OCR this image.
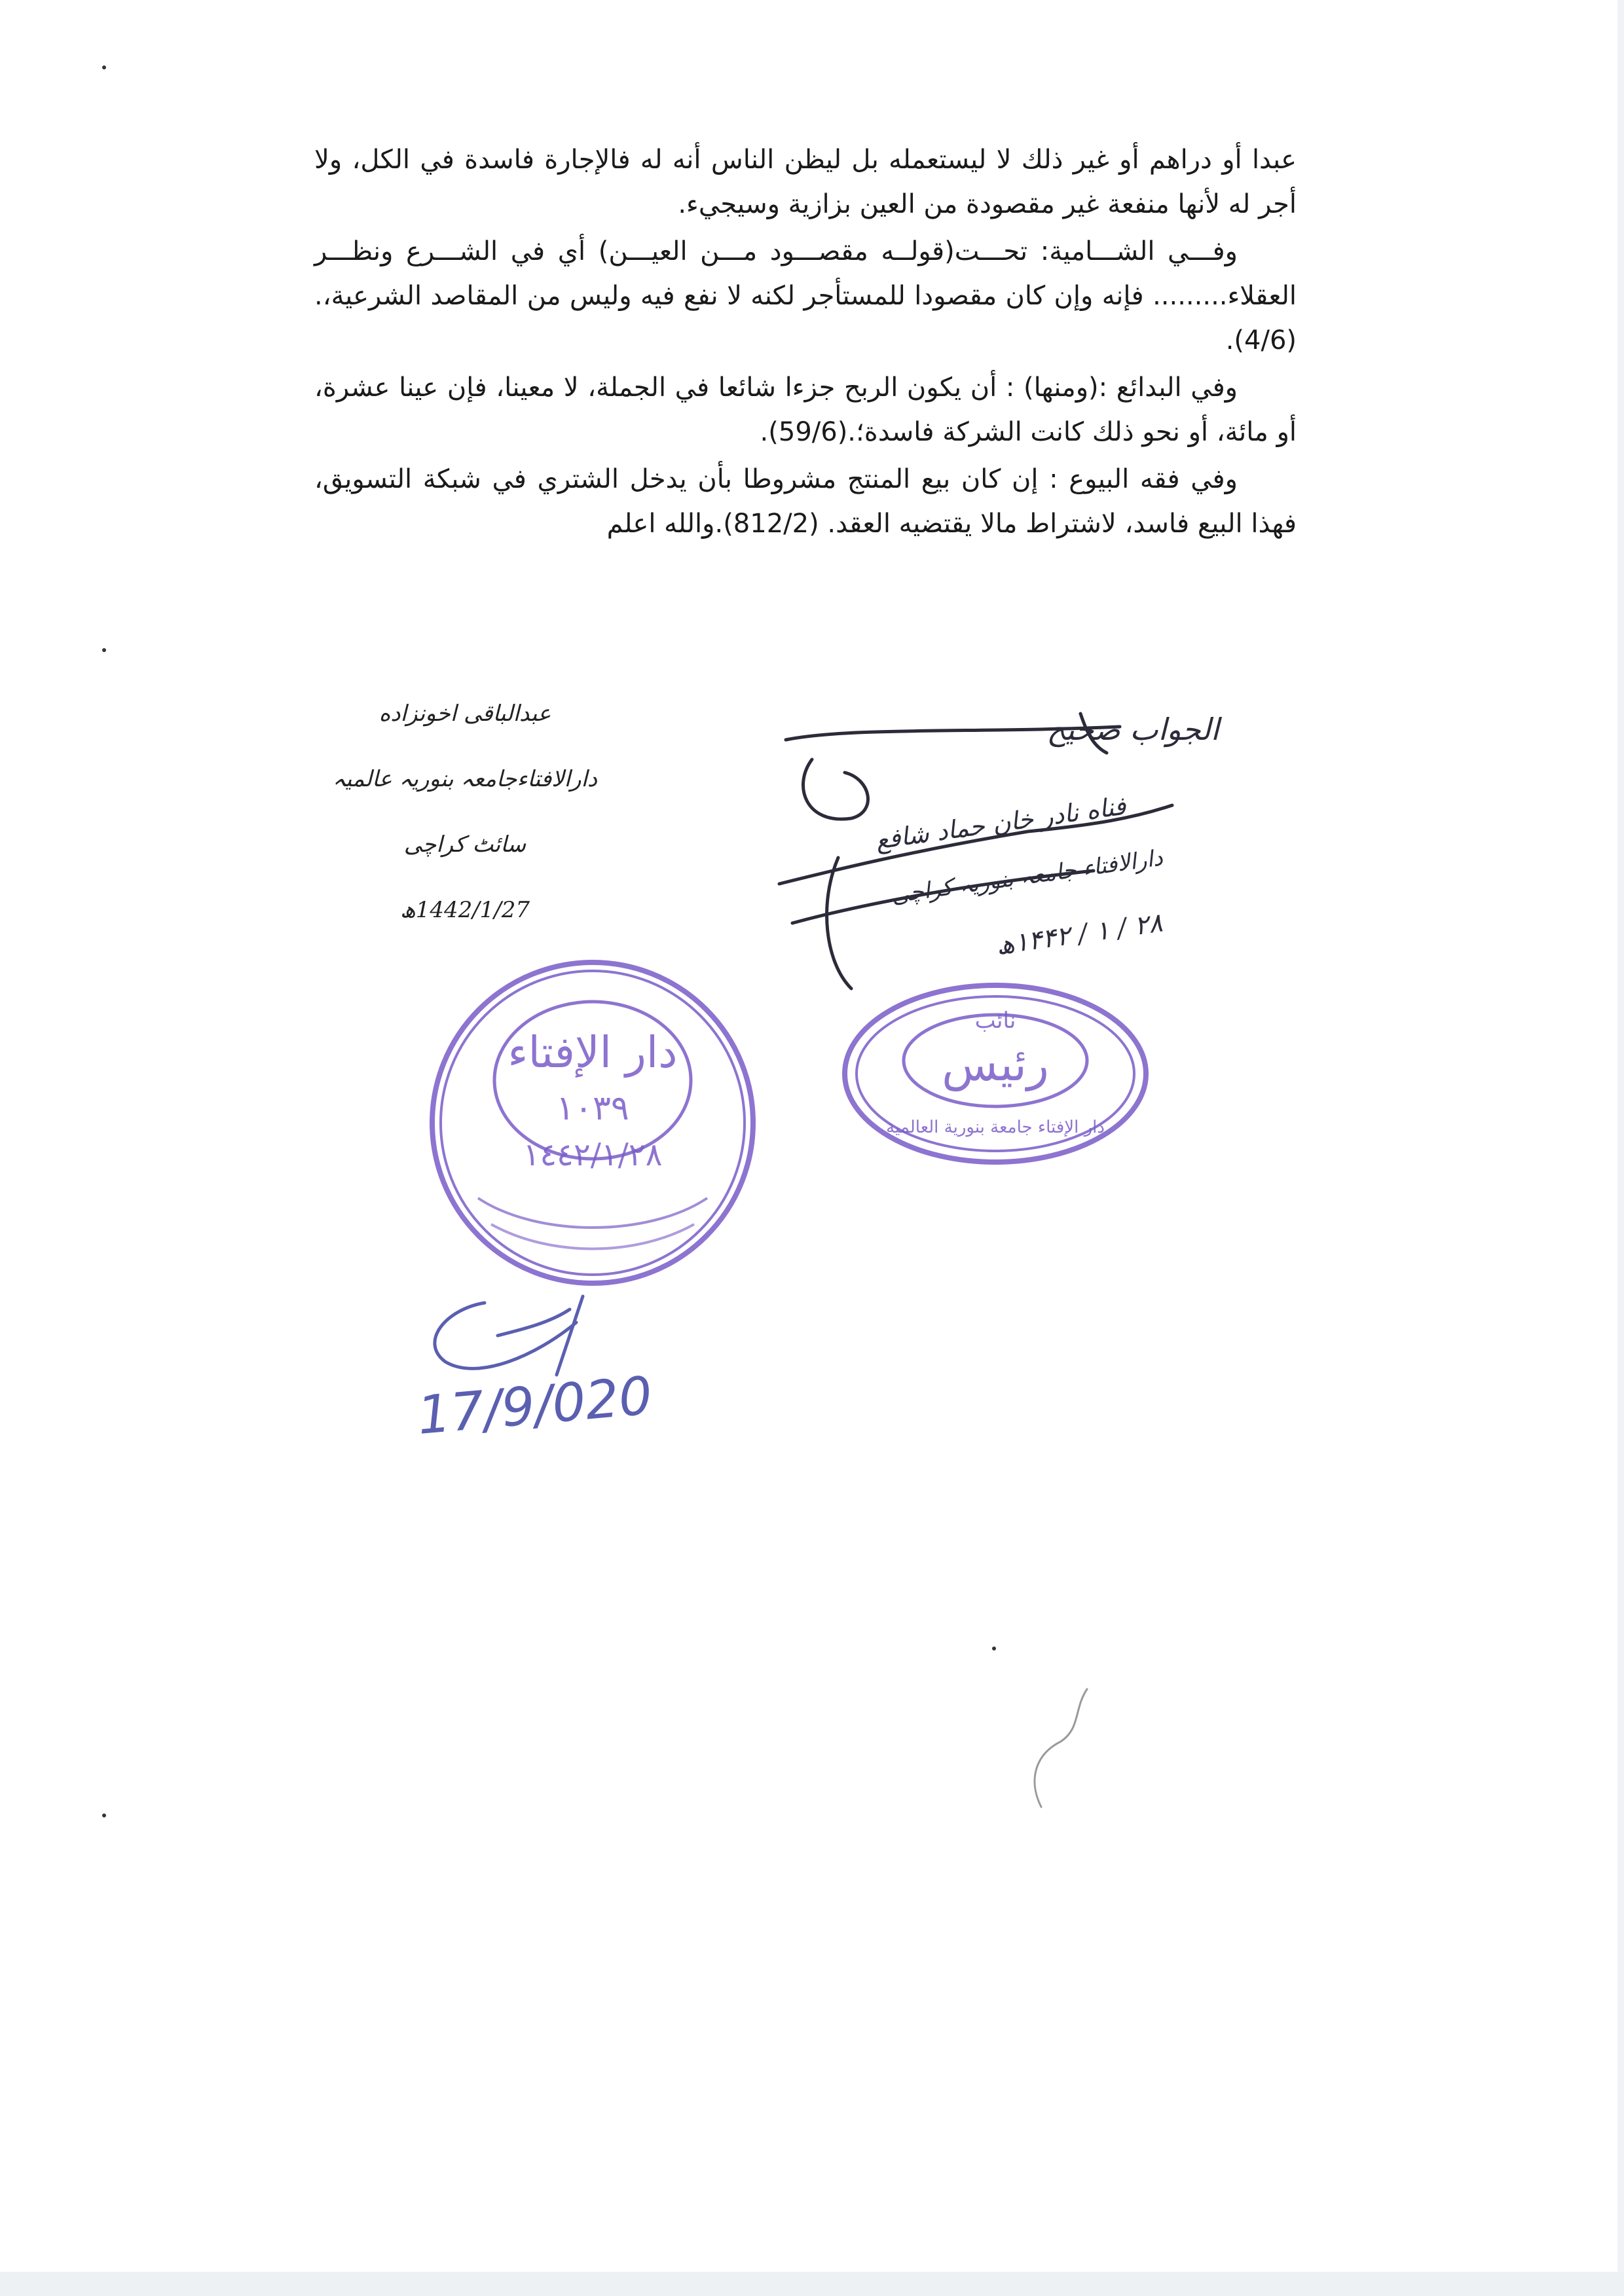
عبدا أو دراهم أو غير ذلك لا ليستعمله بل ليظن الناس أنه له فالإجارة فاسدة في الكل، ولا أجر له لأنها منفعة غير مقصودة من العين بزازية وسيجيء.

وفـــي الشـــامية: تحـــت(قولــه مقصـــود مـــن العيـــن) أي في الشـــرع ونظـــر العقلاء......... فإنه وإن كان مقصودا للمستأجر لكنه لا نفع فيه وليس من المقاصد الشرعية،. (4/6).

وفي البدائع :(ومنها) : أن يكون الربح جزءا شائعا في الجملة، لا معينا، فإن عينا عشرة، أو مائة، أو نحو ذلك كانت الشركة فاسدة؛.(59/6).

وفي فقه البيوع : إن كان بيع المنتج مشروطا بأن يدخل الشتري في شبكة التسويق، فهذا البيع فاسد، لاشتراط مالا يقتضيه العقد. (812/2).والله اعلم

عبدالباقی اخونزاده
دارالافتاءجامعہ بنوریہ عالمیہ
سائٹ کراچی
1442/1/27ھ
الجواب صحيح
فناه نادر خان حماد شافع
دارالافتاء جامعہ بنوریہ کراچی
۲۸ / ۱ / ۱۴۴۲ھ
دار الإفتاء
١٠٣٩
١٤٤٢/١/٢٨
نائب
رئيس
دار الإفتاء جامعة بنورية العالمية
17/9/020
